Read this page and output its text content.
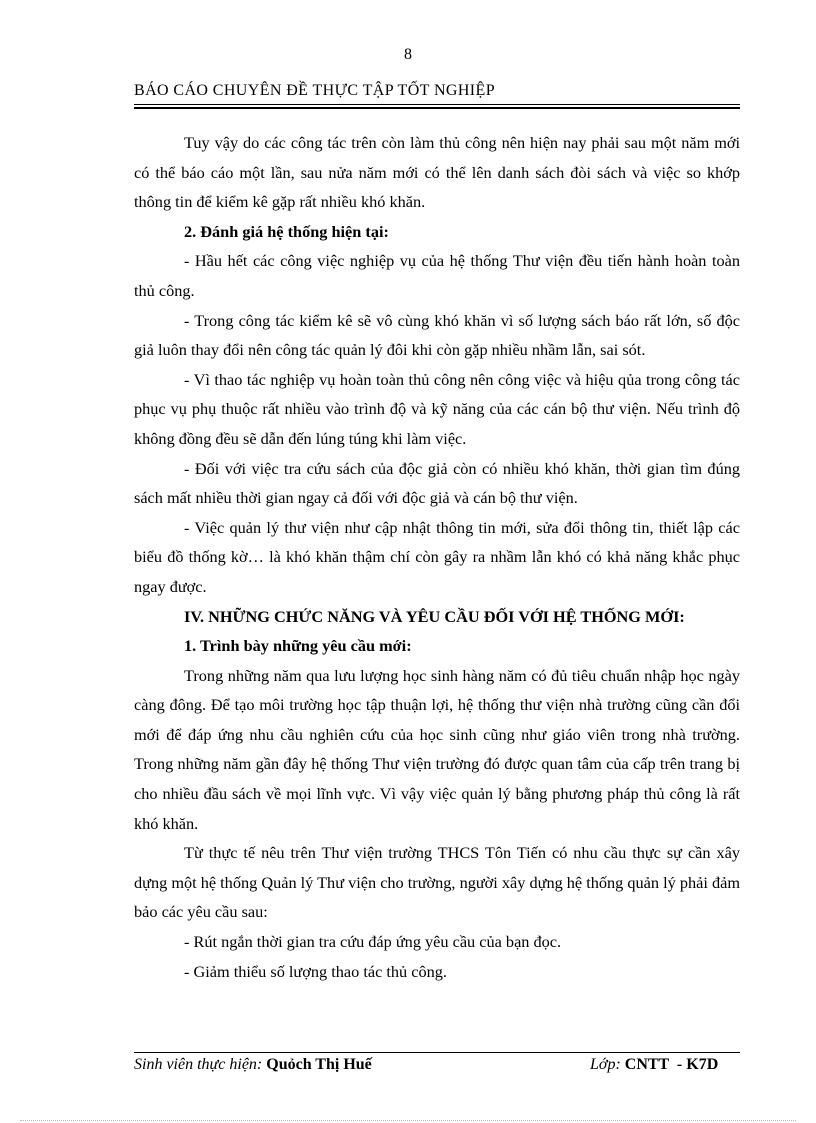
8
BÁO CÁO CHUYÊN ĐỀ THỰC TẬP TỐT NGHIỆP

Tuy vậy do các công tác trên còn làm thủ công nên hiện nay phải sau một năm mới có thể báo cáo một lần, sau nửa năm mới có thể lên danh sách đòi sách và việc so khớp thông tin để kiểm kê gặp rất nhiều khó khăn.

2. Đánh giá hệ thống hiện tại:

- Hầu hết các công việc nghiệp vụ của hệ thống Thư viện đều tiến hành hoàn toàn thủ công.

- Trong công tác kiểm kê sẽ vô cùng khó khăn vì số lượng sách báo rất lớn, số độc giả luôn thay đổi nên công tác quản lý đôi khi còn gặp nhiều nhầm lẫn, sai sót.

- Vì thao tác nghiệp vụ hoàn toàn thủ công nên công việc và hiệu qủa trong công tác phục vụ phụ thuộc rất nhiều vào trình độ và kỹ năng của các cán bộ thư viện. Nếu trình độ không đồng đều sẽ dẫn đến lúng túng khi làm việc.

- Đối với việc tra cứu sách của độc giả còn có nhiều khó khăn, thời gian tìm đúng sách mất nhiều thời gian ngay cả đối với độc giả và cán bộ thư viện.

- Việc quản lý thư viện như cập nhật thông tin mới, sửa đổi thông tin, thiết lập các biểu đồ thống kờ… là khó khăn thậm chí còn gây ra nhầm lẫn khó có khả năng khắc phục ngay được.

IV. NHỮNG CHỨC NĂNG VÀ YÊU CẦU ĐỐI VỚI HỆ THỐNG MỚI:

1. Trình bày những yêu cầu mới:

Trong những năm qua lưu lượng học sinh hàng năm có đủ tiêu chuẩn nhập học ngày càng đông. Để tạo môi trường học tập thuận lợi, hệ thống thư viện nhà trường cũng cần đổi mới để đáp ứng nhu cầu nghiên cứu của học sinh cũng như giáo viên trong nhà trường. Trong những năm gần đây hệ thống Thư viện trường đó được quan tâm của cấp trên trang bị cho nhiều đầu sách về mọi lĩnh vực. Vì vậy việc quản lý bằng phương pháp thủ công là rất khó khăn.

Từ thực tế nêu trên Thư viện trường THCS Tôn Tiến có nhu cầu thực sự cần xây dựng một hệ thống Quản lý Thư viện cho trường, người xây dựng hệ thống quản lý phải đảm bảo các yêu cầu sau:

- Rút ngắn thời gian tra cứu đáp ứng yêu cầu của bạn đọc.

- Giảm thiểu số lượng thao tác thủ công.

Sinh viên thực hiện: Quỏch Thị Huế	Lớp: CNTT  - K7D
